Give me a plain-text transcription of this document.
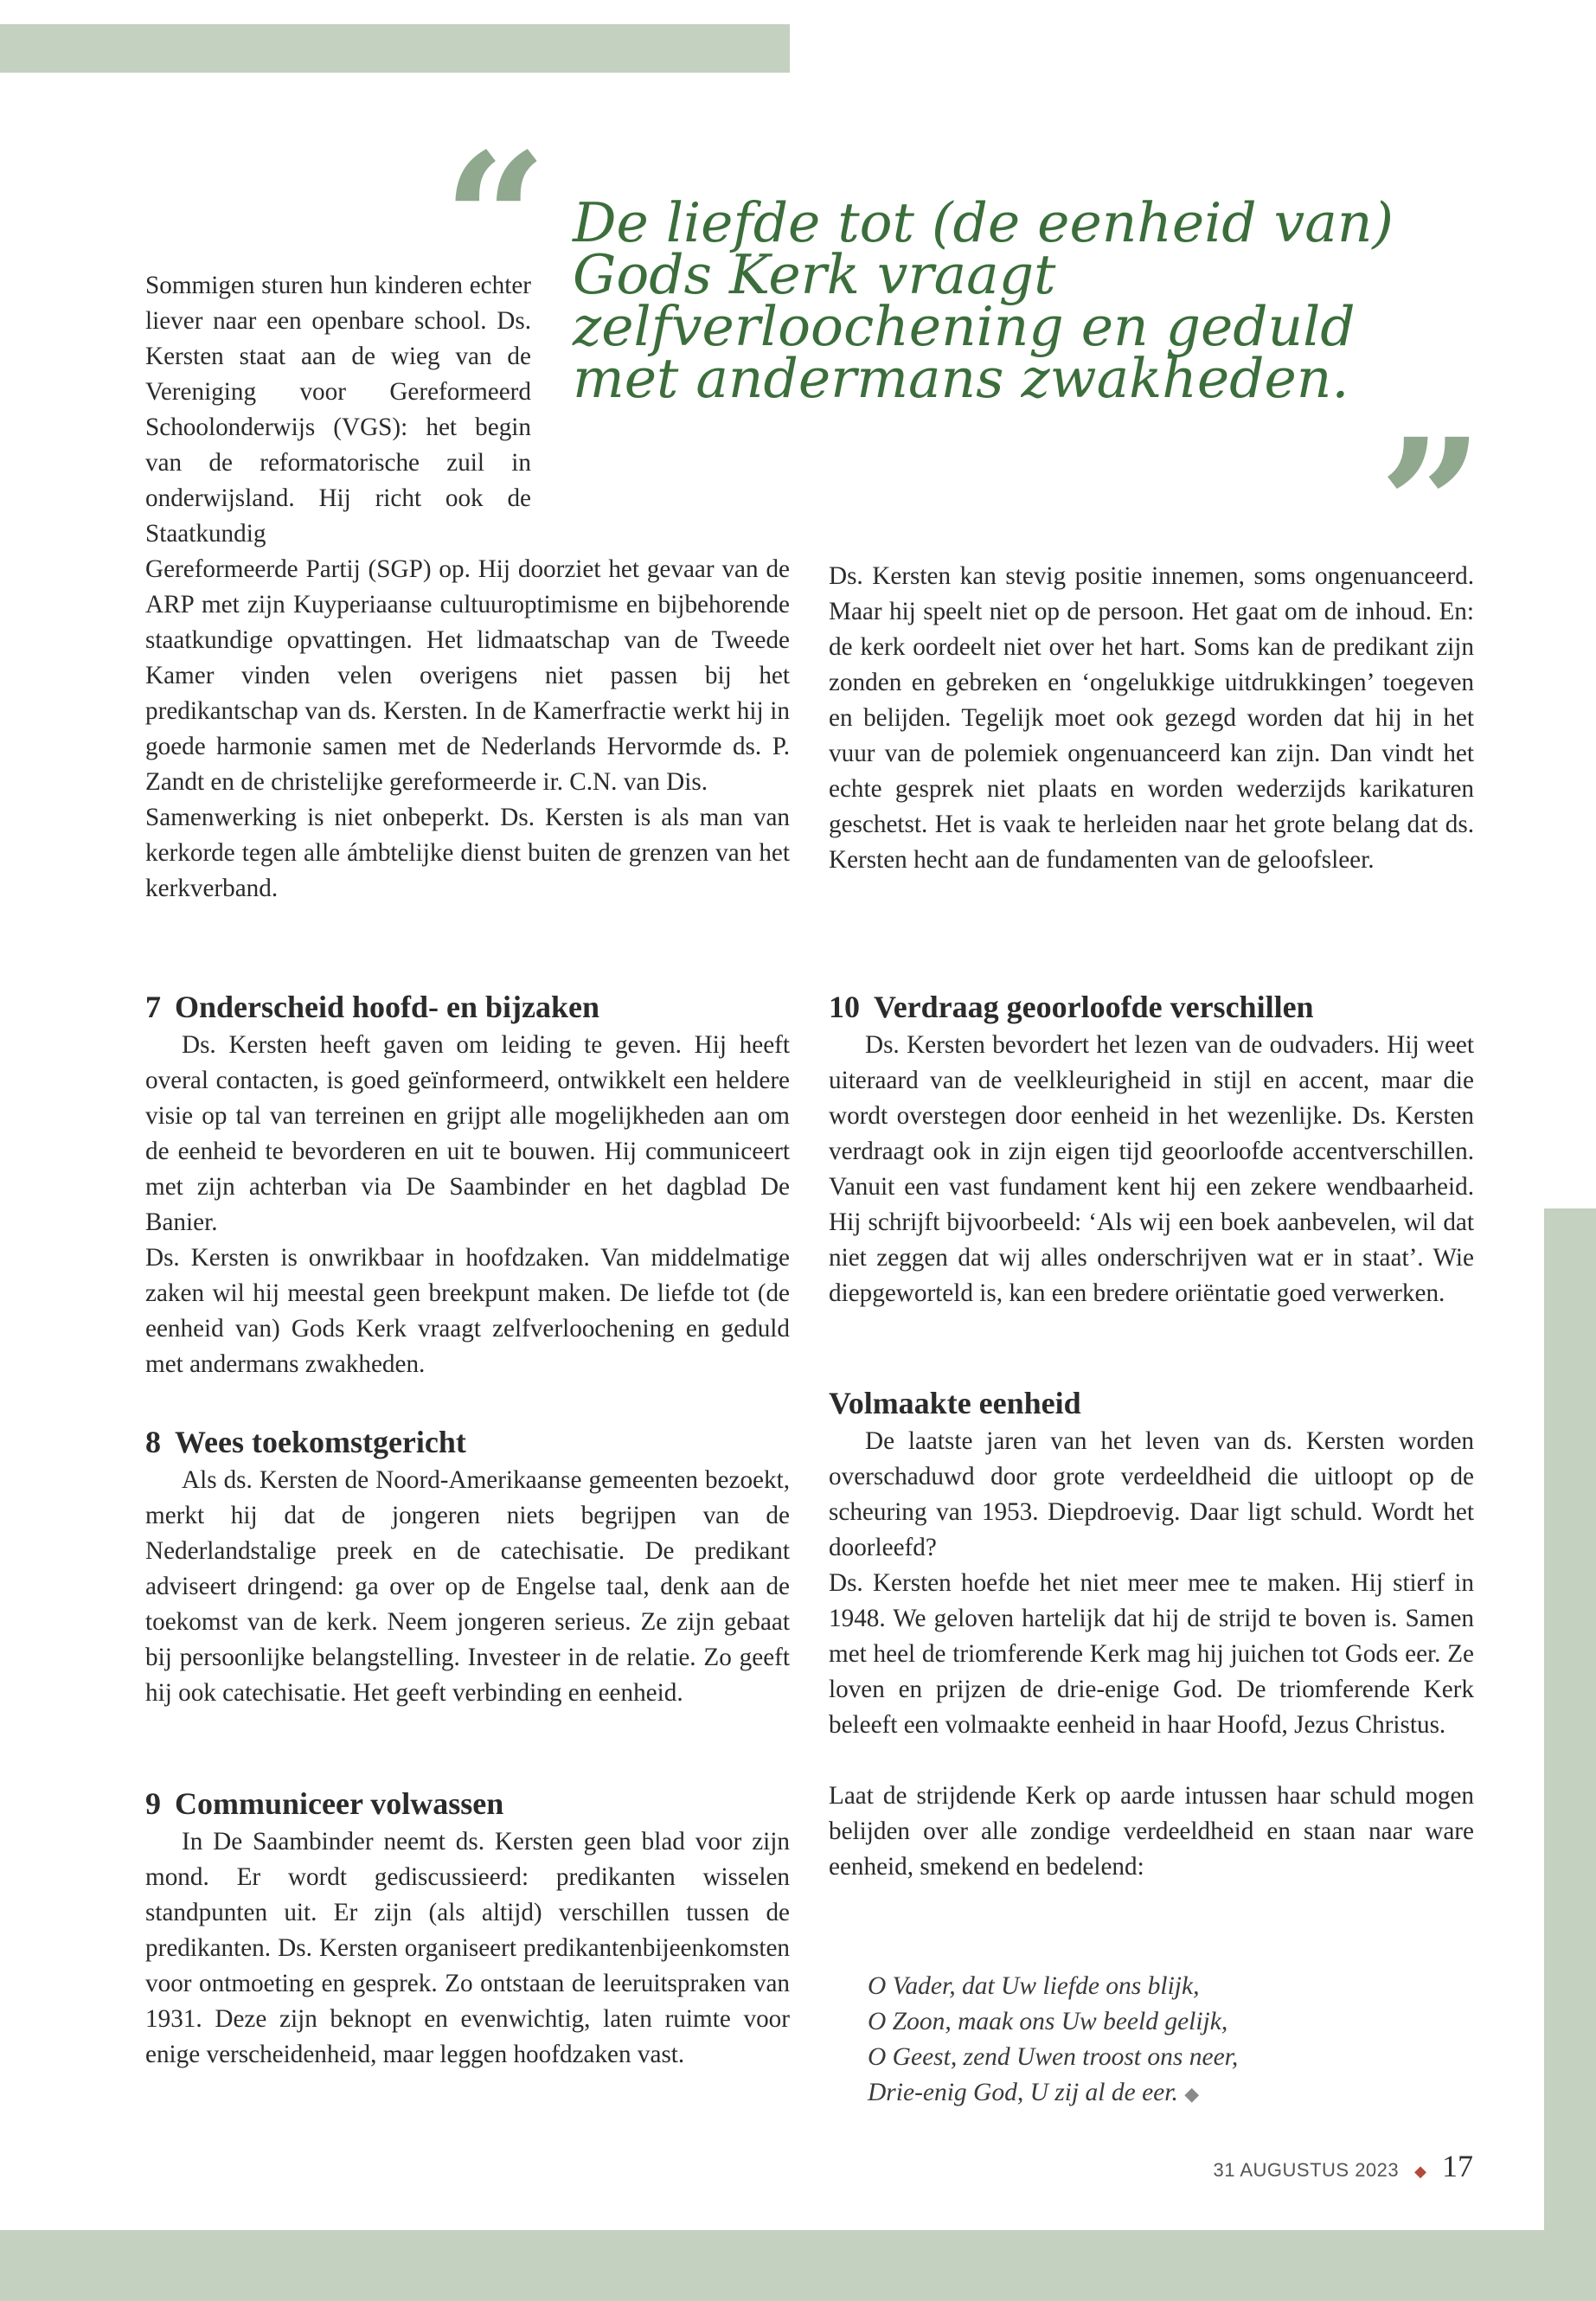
“ De liefde tot (de eenheid van)
Gods Kerk vraagt
zelfverloochening en geduld
met andermans zwakheden.

”

Sommigen sturen hun kinderen echter liever naar een openbare school. Ds. Kersten staat aan de wieg van de Vereniging voor Gereformeerd Schoolonderwijs (VGS): het begin van de reformatorische zuil in onderwijsland. Hij richt ook de Staatkundig

Gereformeerde Partij (SGP) op. Hij doorziet het gevaar van de ARP met zijn Kuyperiaanse cultuuroptimisme en bijbehorende staatkundige opvattingen. Het lidmaatschap van de Tweede Kamer vinden velen overigens niet passen bij het predikantschap van ds. Kersten. In de Kamerfractie werkt hij in goede harmonie samen met de Nederlands Hervormde ds. P. Zandt en de christelijke gereformeerde ir. C.N. van Dis.

Samenwerking is niet onbeperkt. Ds. Kersten is als man van kerkorde tegen alle ámbtelijke dienst buiten de grenzen van het kerkverband.

Ds. Kersten kan stevig positie innemen, soms ongenuanceerd. Maar hij speelt niet op de persoon. Het gaat om de inhoud. En: de kerk oordeelt niet over het hart. Soms kan de predikant zijn zonden en gebreken en ‘ongelukkige uitdrukkingen’ toegeven en belijden. Tegelijk moet ook gezegd worden dat hij in het vuur van de polemiek ongenuanceerd kan zijn. Dan vindt het echte gesprek niet plaats en worden wederzijds karikaturen geschetst. Het is vaak te herleiden naar het grote belang dat ds. Kersten hecht aan de fundamenten van de geloofsleer.

7 Onderscheid hoofd- en bijzaken

Ds. Kersten heeft gaven om leiding te geven. Hij heeft overal contacten, is goed geïnformeerd, ontwikkelt een heldere visie op tal van terreinen en grijpt alle mogelijkheden aan om de eenheid te bevorderen en uit te bouwen. Hij communiceert met zijn achterban via De Saambinder en het dagblad De Banier.

Ds. Kersten is onwrikbaar in hoofdzaken. Van middelmatige zaken wil hij meestal geen breekpunt maken. De liefde tot (de eenheid van) Gods Kerk vraagt zelfverloochening en geduld met andermans zwakheden.

8 Wees toekomstgericht

Als ds. Kersten de Noord-Amerikaanse gemeenten bezoekt, merkt hij dat de jongeren niets begrijpen van de Nederlandstalige preek en de catechisatie. De predikant adviseert dringend: ga over op de Engelse taal, denk aan de toekomst van de kerk. Neem jongeren serieus. Ze zijn gebaat bij persoonlijke belangstelling. Investeer in de relatie. Zo geeft hij ook catechisatie. Het geeft verbinding en eenheid.

9 Communiceer volwassen

In De Saambinder neemt ds. Kersten geen blad voor zijn mond. Er wordt gediscussieerd: predikanten wisselen standpunten uit. Er zijn (als altijd) verschillen tussen de predikanten. Ds. Kersten organiseert predikantenbijeenkomsten voor ontmoeting en gesprek. Zo ontstaan de leeruitspraken van 1931. Deze zijn beknopt en evenwichtig, laten ruimte voor enige verscheidenheid, maar leggen hoofdzaken vast.

10 Verdraag geoorloofde verschillen

Ds. Kersten bevordert het lezen van de oudvaders. Hij weet uiteraard van de veelkleurigheid in stijl en accent, maar die wordt overstegen door eenheid in het wezenlijke. Ds. Kersten verdraagt ook in zijn eigen tijd geoorloofde accentverschillen. Vanuit een vast fundament kent hij een zekere wendbaarheid. Hij schrijft bijvoorbeeld: ‘Als wij een boek aanbevelen, wil dat niet zeggen dat wij alles onderschrijven wat er in staat’. Wie diepgeworteld is, kan een bredere oriëntatie goed verwerken.

Volmaakte eenheid

De laatste jaren van het leven van ds. Kersten worden overschaduwd door grote verdeeldheid die uitloopt op de scheuring van 1953. Diepdroevig. Daar ligt schuld. Wordt het doorleefd?

Ds. Kersten hoefde het niet meer mee te maken. Hij stierf in 1948. We geloven hartelijk dat hij de strijd te boven is. Samen met heel de triomferende Kerk mag hij juichen tot Gods eer. Ze loven en prijzen de drie-enige God. De triomferende Kerk beleeft een volmaakte eenheid in haar Hoofd, Jezus Christus.

Laat de strijdende Kerk op aarde intussen haar schuld mogen belijden over alle zondige verdeeldheid en staan naar ware eenheid, smekend en bedelend:

O Vader, dat Uw liefde ons blijk,
O Zoon, maak ons Uw beeld gelijk,
O Geest, zend Uwen troost ons neer,
Drie-enig God, U zij al de eer. ◆
31 AUGUSTUS 2023 ◆ 17
